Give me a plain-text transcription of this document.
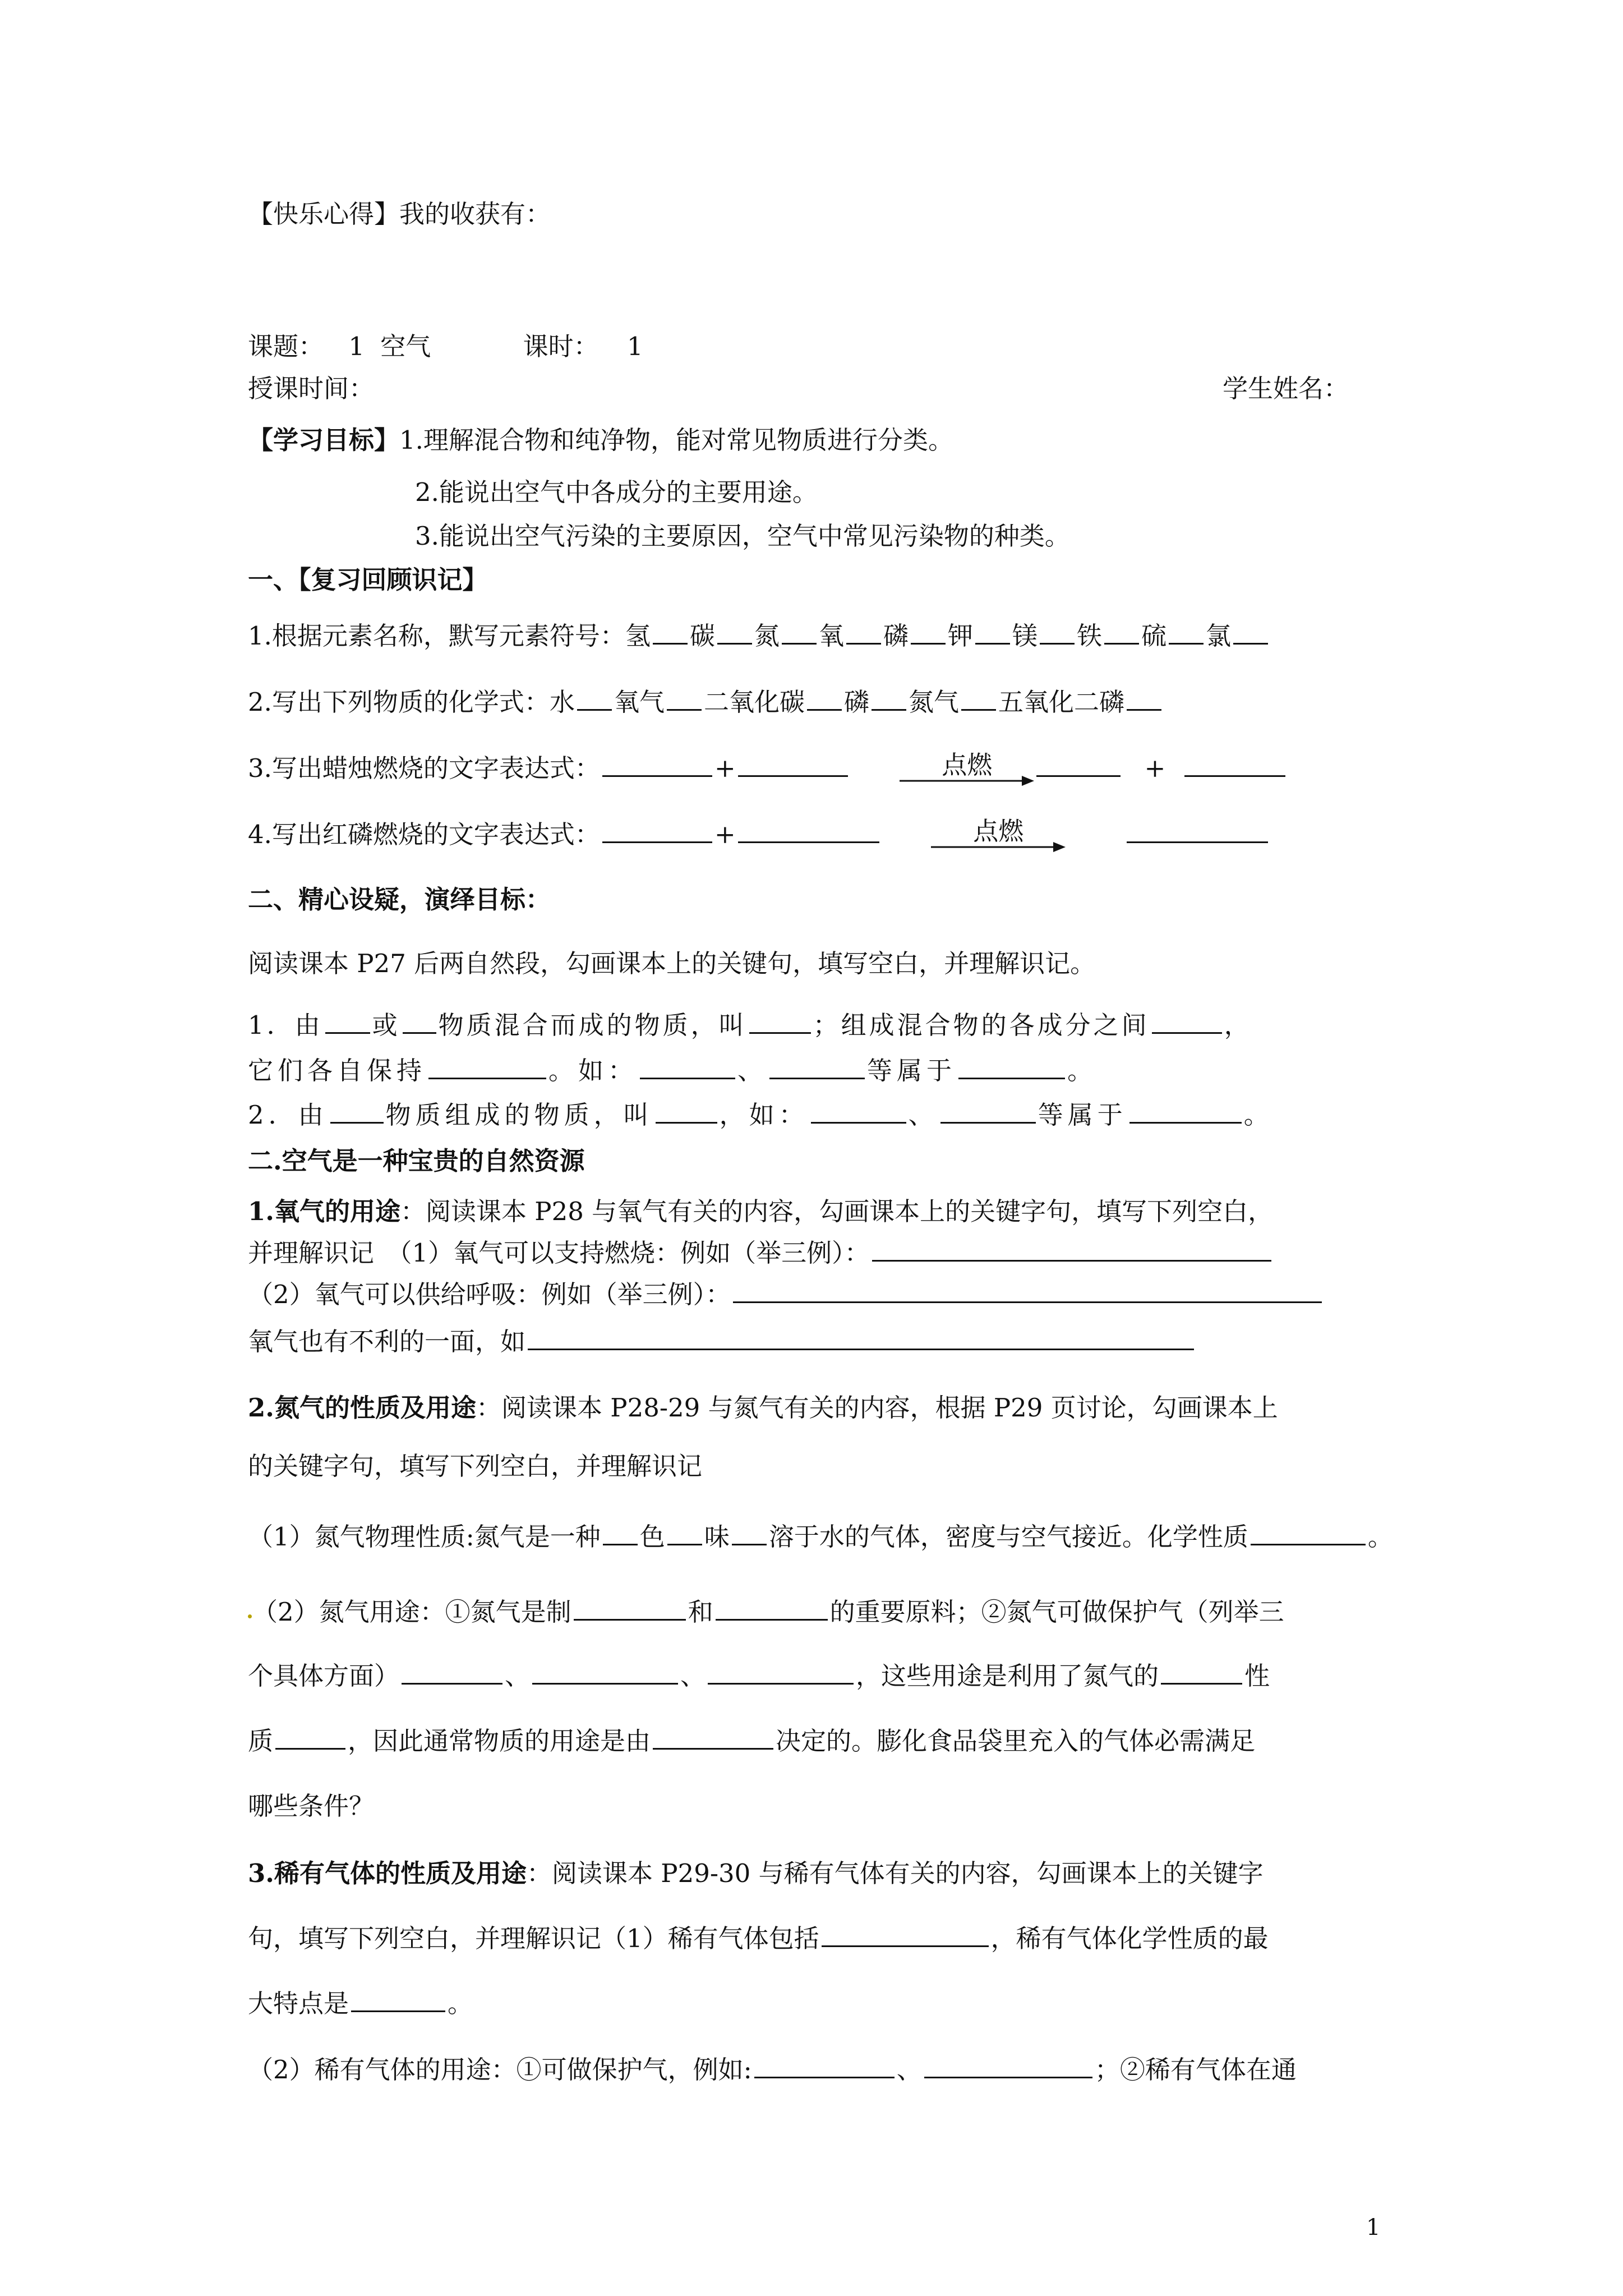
【快乐心得】我的收获有：
课题： 1 空气	课时： 1
授课时间：	学生姓名：
【学习目标】1.理解混合物和纯净物，能对常见物质进行分类。
2.能说出空气中各成分的主要用途。
3.能说出空气污染的主要原因，空气中常见污染物的种类。
一、【复习回顾识记】
1.根据元素名称，默写元素符号：氢 碳 氮 氧 磷 钾 镁 铁 硫 氯
2.写出下列物质的化学式：水 氧气 二氧化碳 磷 氮气 五氧化二磷
3.写出蜡烛燃烧的文字表达式：	+	点燃	+
4.写出红磷燃烧的文字表达式：	+	点燃

二、精心设疑，演绎目标：
阅读课本 P27 后两自然段，勾画课本上的关键句，填写空白，并理解识记。
1．由 或 物质混合而成的物质，叫	；组成混合物的各成分之间	，
它们各自保持	。如：	、	等属于	。
2．由 物质组成的物质，叫	，如：	、	等属于	。
二.空气是一种宝贵的自然资源
1.氧气的用途：阅读课本 P28 与氧气有关的内容，勾画课本上的关键字句，填写下列空白，
并理解识记　（1）氧气可以支持燃烧：例如（举三例）：
（2）氧气可以供给呼吸：例如（举三例）：
氧气也有不利的一面，如
2.氮气的性质及用途：阅读课本 P28-29 与氮气有关的内容，根据 P29 页讨论，勾画课本上
的关键字句，填写下列空白，并理解识记
（1）氮气物理性质:氮气是一种 色 味 溶于水的气体，密度与空气接近。化学性质	。
（2）氮气用途：①氮气是制	和	的重要原料；②氮气可做保护气（列举三
个具体方面）	、	、	，这些用途是利用了氮气的	性
质	，因此通常物质的用途是由	决定的。膨化食品袋里充入的气体必需满足
哪些条件？
3.稀有气体的性质及用途：阅读课本 P29-30 与稀有气体有关的内容，勾画课本上的关键字
句，填写下列空白，并理解识记（1）稀有气体包括	，稀有气体化学性质的最
大特点是	。
（2）稀有气体的用途：①可做保护气，例如:	、	；②稀有气体在通
1
